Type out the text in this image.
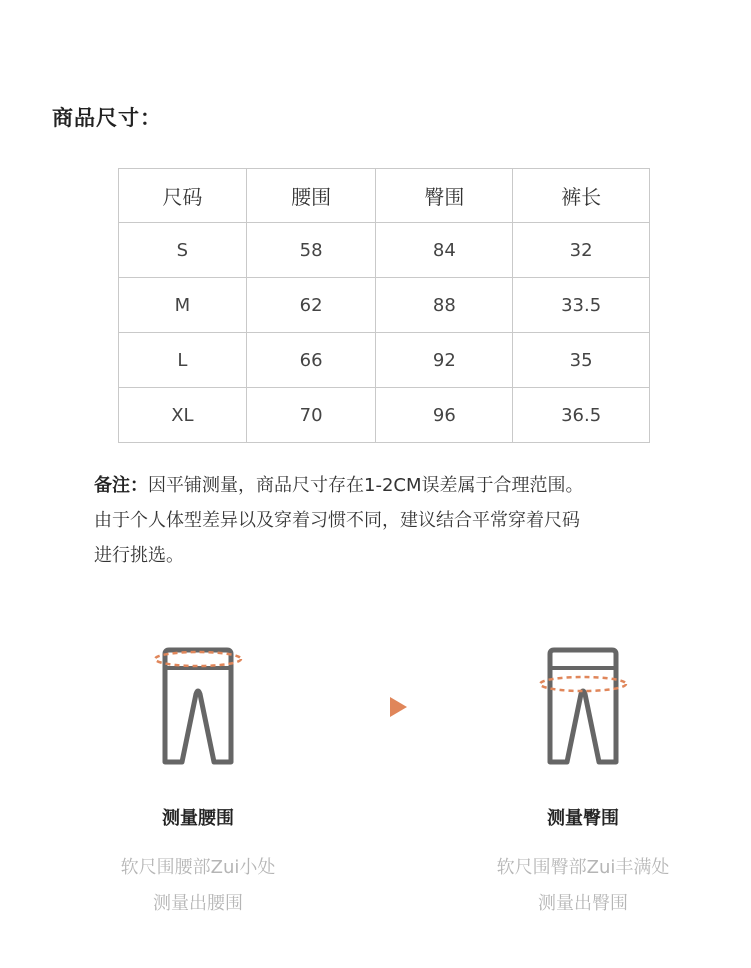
商品尺寸：
尺码	腰围	臀围	裤长
S	58	84	32
M	62	88	33.5
L	66	92	35
XL	70	96	36.5
备注：因平铺测量，商品尺寸存在1-2CM误差属于合理范围。
由于个人体型差异以及穿着习惯不同，建议结合平常穿着尺码
进行挑选。
测量腰围
软尺围腰部Zui小处
测量出腰围
测量臀围
软尺围臀部Zui丰满处
测量出臀围
